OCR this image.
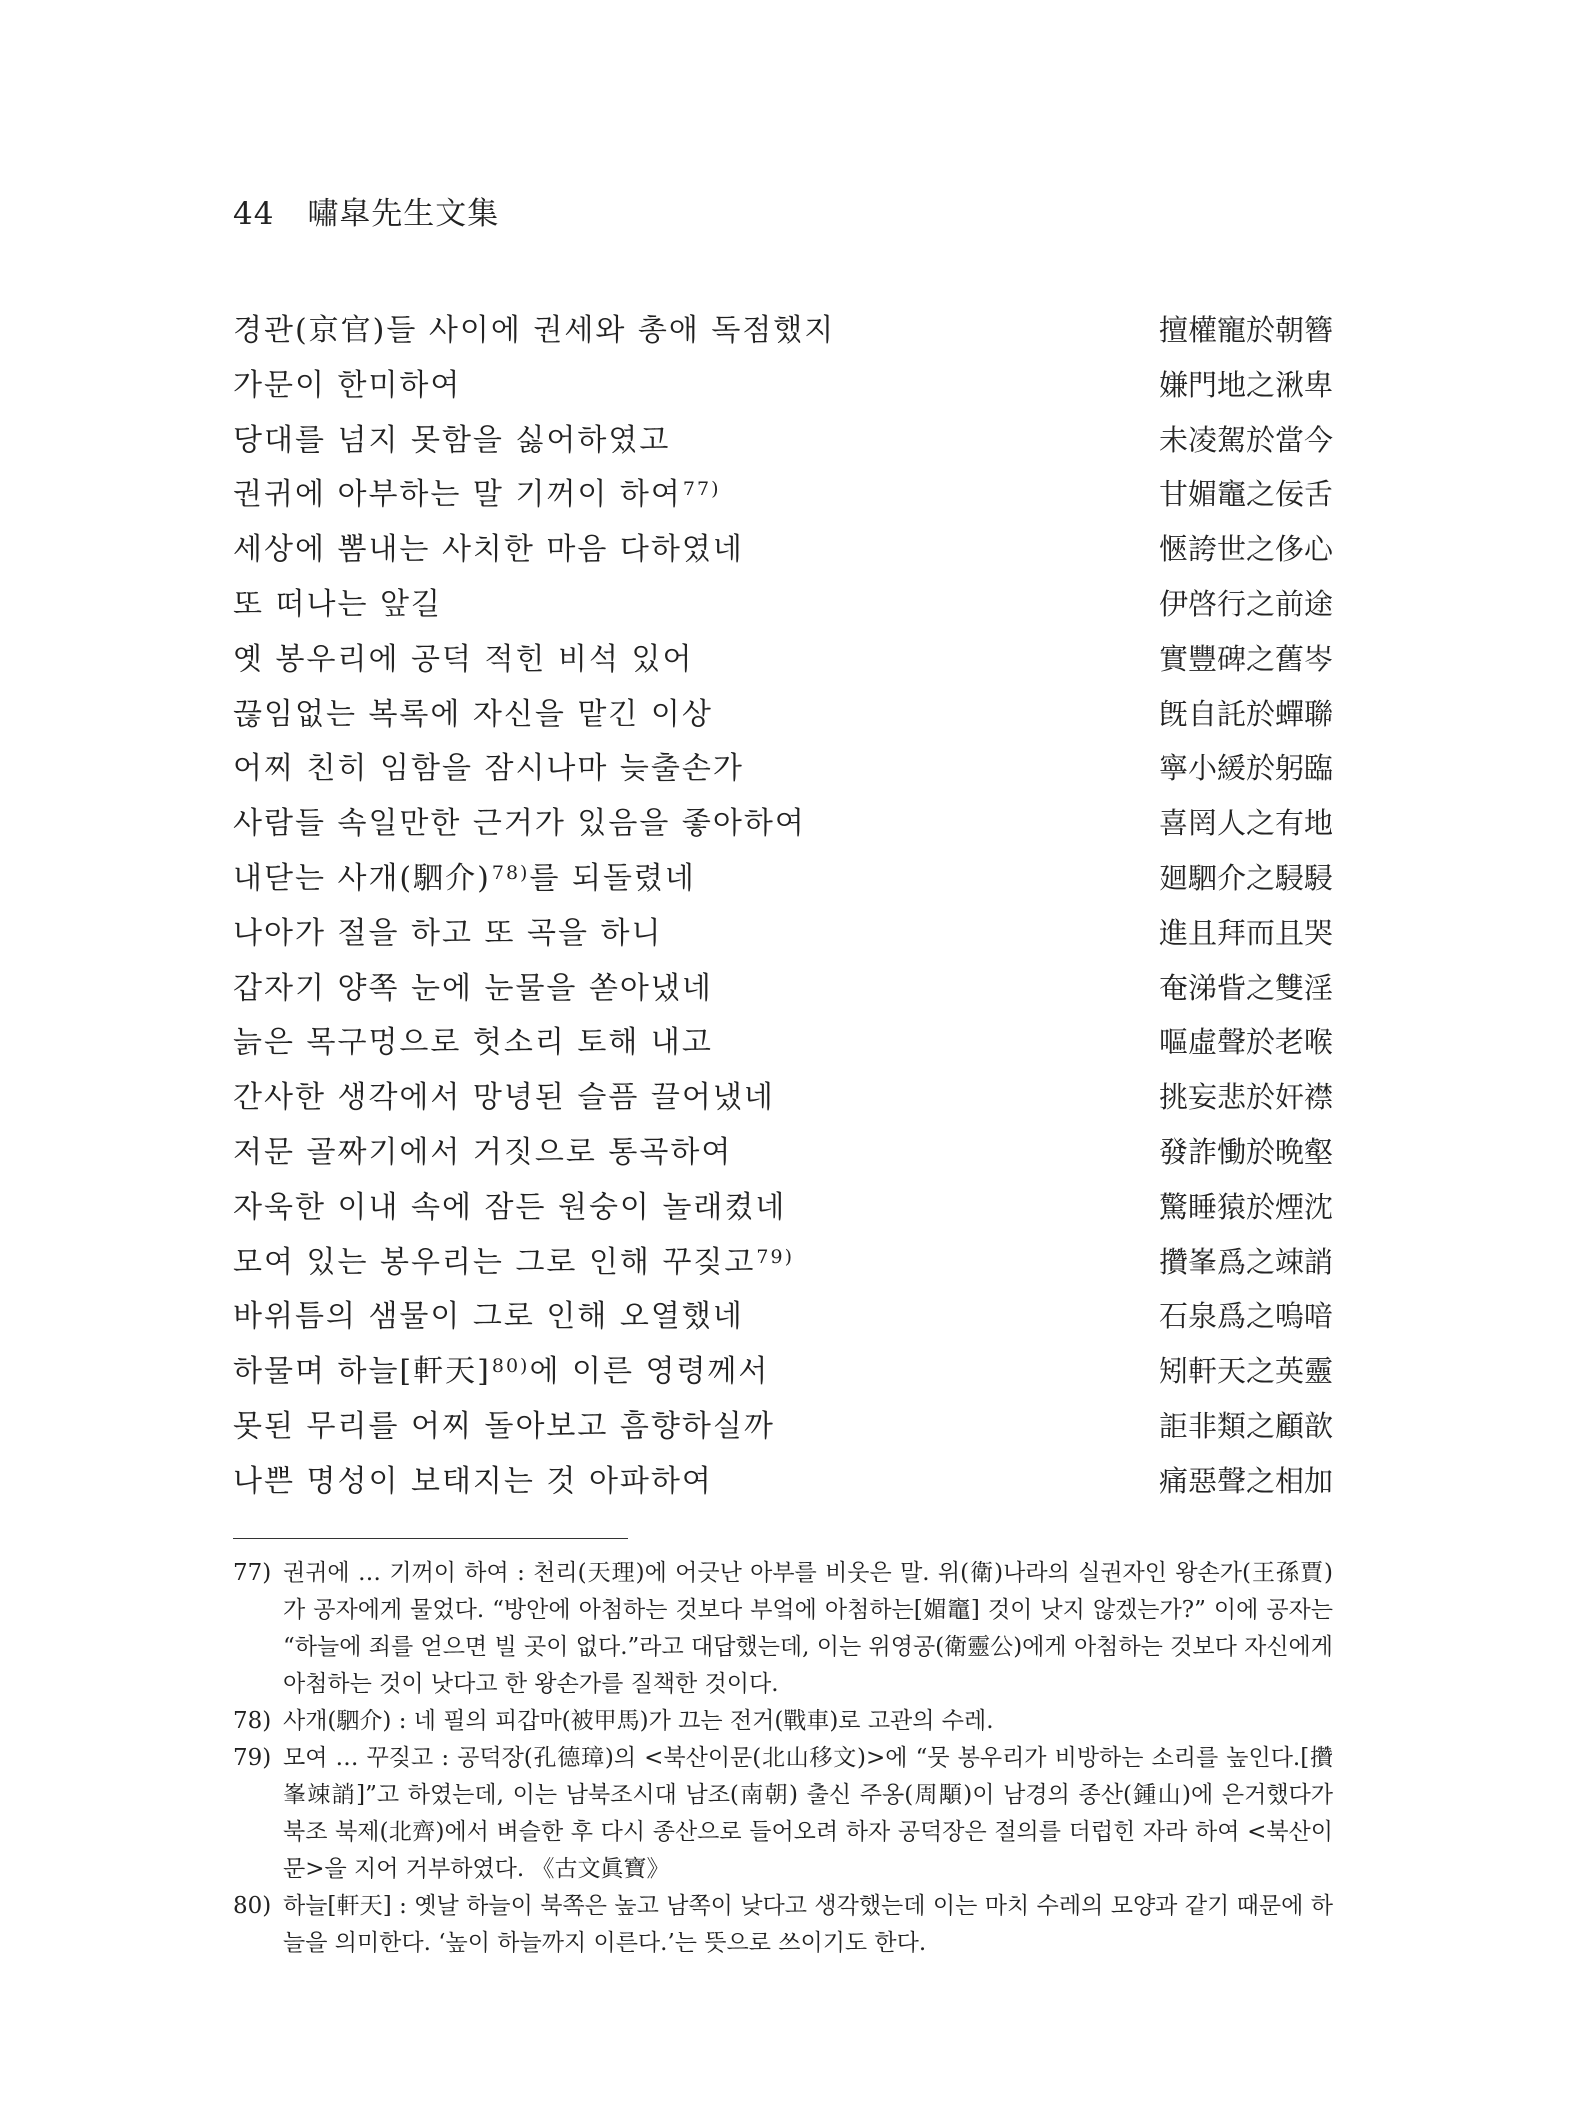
44 嘯皐先生文集
경관(京官)들 사이에 권세와 총애 독점했지	擅權寵於朝簪
가문이 한미하여	嫌門地之湫卑
당대를 넘지 못함을 싫어하였고	未凌駕於當今
권귀에 아부하는 말 기꺼이 하여$^{77)}$	甘媚竈之佞舌
세상에 뽐내는 사치한 마음 다하였네	愜誇世之侈心
또 떠나는 앞길	伊啓行之前途
옛 봉우리에 공덕 적힌 비석 있어	實豐碑之舊岑
끊임없는 복록에 자신을 맡긴 이상	旣自託於蟬聯
어찌 친히 임함을 잠시나마 늦출손가	寧小緩於躬臨
사람들 속일만한 근거가 있음을 좋아하여	喜罔人之有地
내닫는 사개(駟介)$^{78)}$를 되돌렸네	廻駟介之駸駸
나아가 절을 하고 또 곡을 하니	進且拜而且哭
갑자기 양쪽 눈에 눈물을 쏟아냈네	奄涕眥之雙淫
늙은 목구멍으로 헛소리 토해 내고	嘔虛聲於老喉
간사한 생각에서 망녕된 슬픔 끌어냈네	挑妄悲於奸襟
저문 골짜기에서 거짓으로 통곡하여	發詐慟於晩壑
자욱한 이내 속에 잠든 원숭이 놀래켰네	驚睡猿於煙沈
모여 있는 봉우리는 그로 인해 꾸짖고$^{79)}$	攢峯爲之竦誚
바위틈의 샘물이 그로 인해 오열했네	石泉爲之嗚喑
하물며 하늘[軒天]$^{80)}$에 이른 영령께서	矧軒天之英靈
못된 무리를 어찌 돌아보고 흠향하실까	詎非類之顧歆
나쁜 명성이 보태지는 것 아파하여	痛惡聲之相加
77) 권귀에 … 기꺼이 하여 : 천리(天理)에 어긋난 아부를 비웃은 말. 위(衛)나라의 실권자인 왕손가(王孫賈)가 공자에게 물었다. “방안에 아첨하는 것보다 부엌에 아첨하는[媚竈] 것이 낫지 않겠는가?” 이에 공자는 “하늘에 죄를 얻으면 빌 곳이 없다.”라고 대답했는데, 이는 위영공(衛靈公)에게 아첨하는 것보다 자신에게 아첨하는 것이 낫다고 한 왕손가를 질책한 것이다.
78) 사개(駟介) : 네 필의 피갑마(被甲馬)가 끄는 전거(戰車)로 고관의 수레.
79) 모여 … 꾸짖고 : 공덕장(孔德璋)의 <북산이문(北山移文)>에 “뭇 봉우리가 비방하는 소리를 높인다.[攢峯竦誚]”고 하였는데, 이는 남북조시대 남조(南朝) 출신 주옹(周顒)이 남경의 종산(鍾山)에 은거했다가 북조 북제(北齊)에서 벼슬한 후 다시 종산으로 들어오려 하자 공덕장은 절의를 더럽힌 자라 하여 <북산이문>을 지어 거부하였다. 《古文眞寶》
80) 하늘[軒天] : 옛날 하늘이 북쪽은 높고 남쪽이 낮다고 생각했는데 이는 마치 수레의 모양과 같기 때문에 하늘을 의미한다. ‘높이 하늘까지 이른다.’는 뜻으로 쓰이기도 한다.
